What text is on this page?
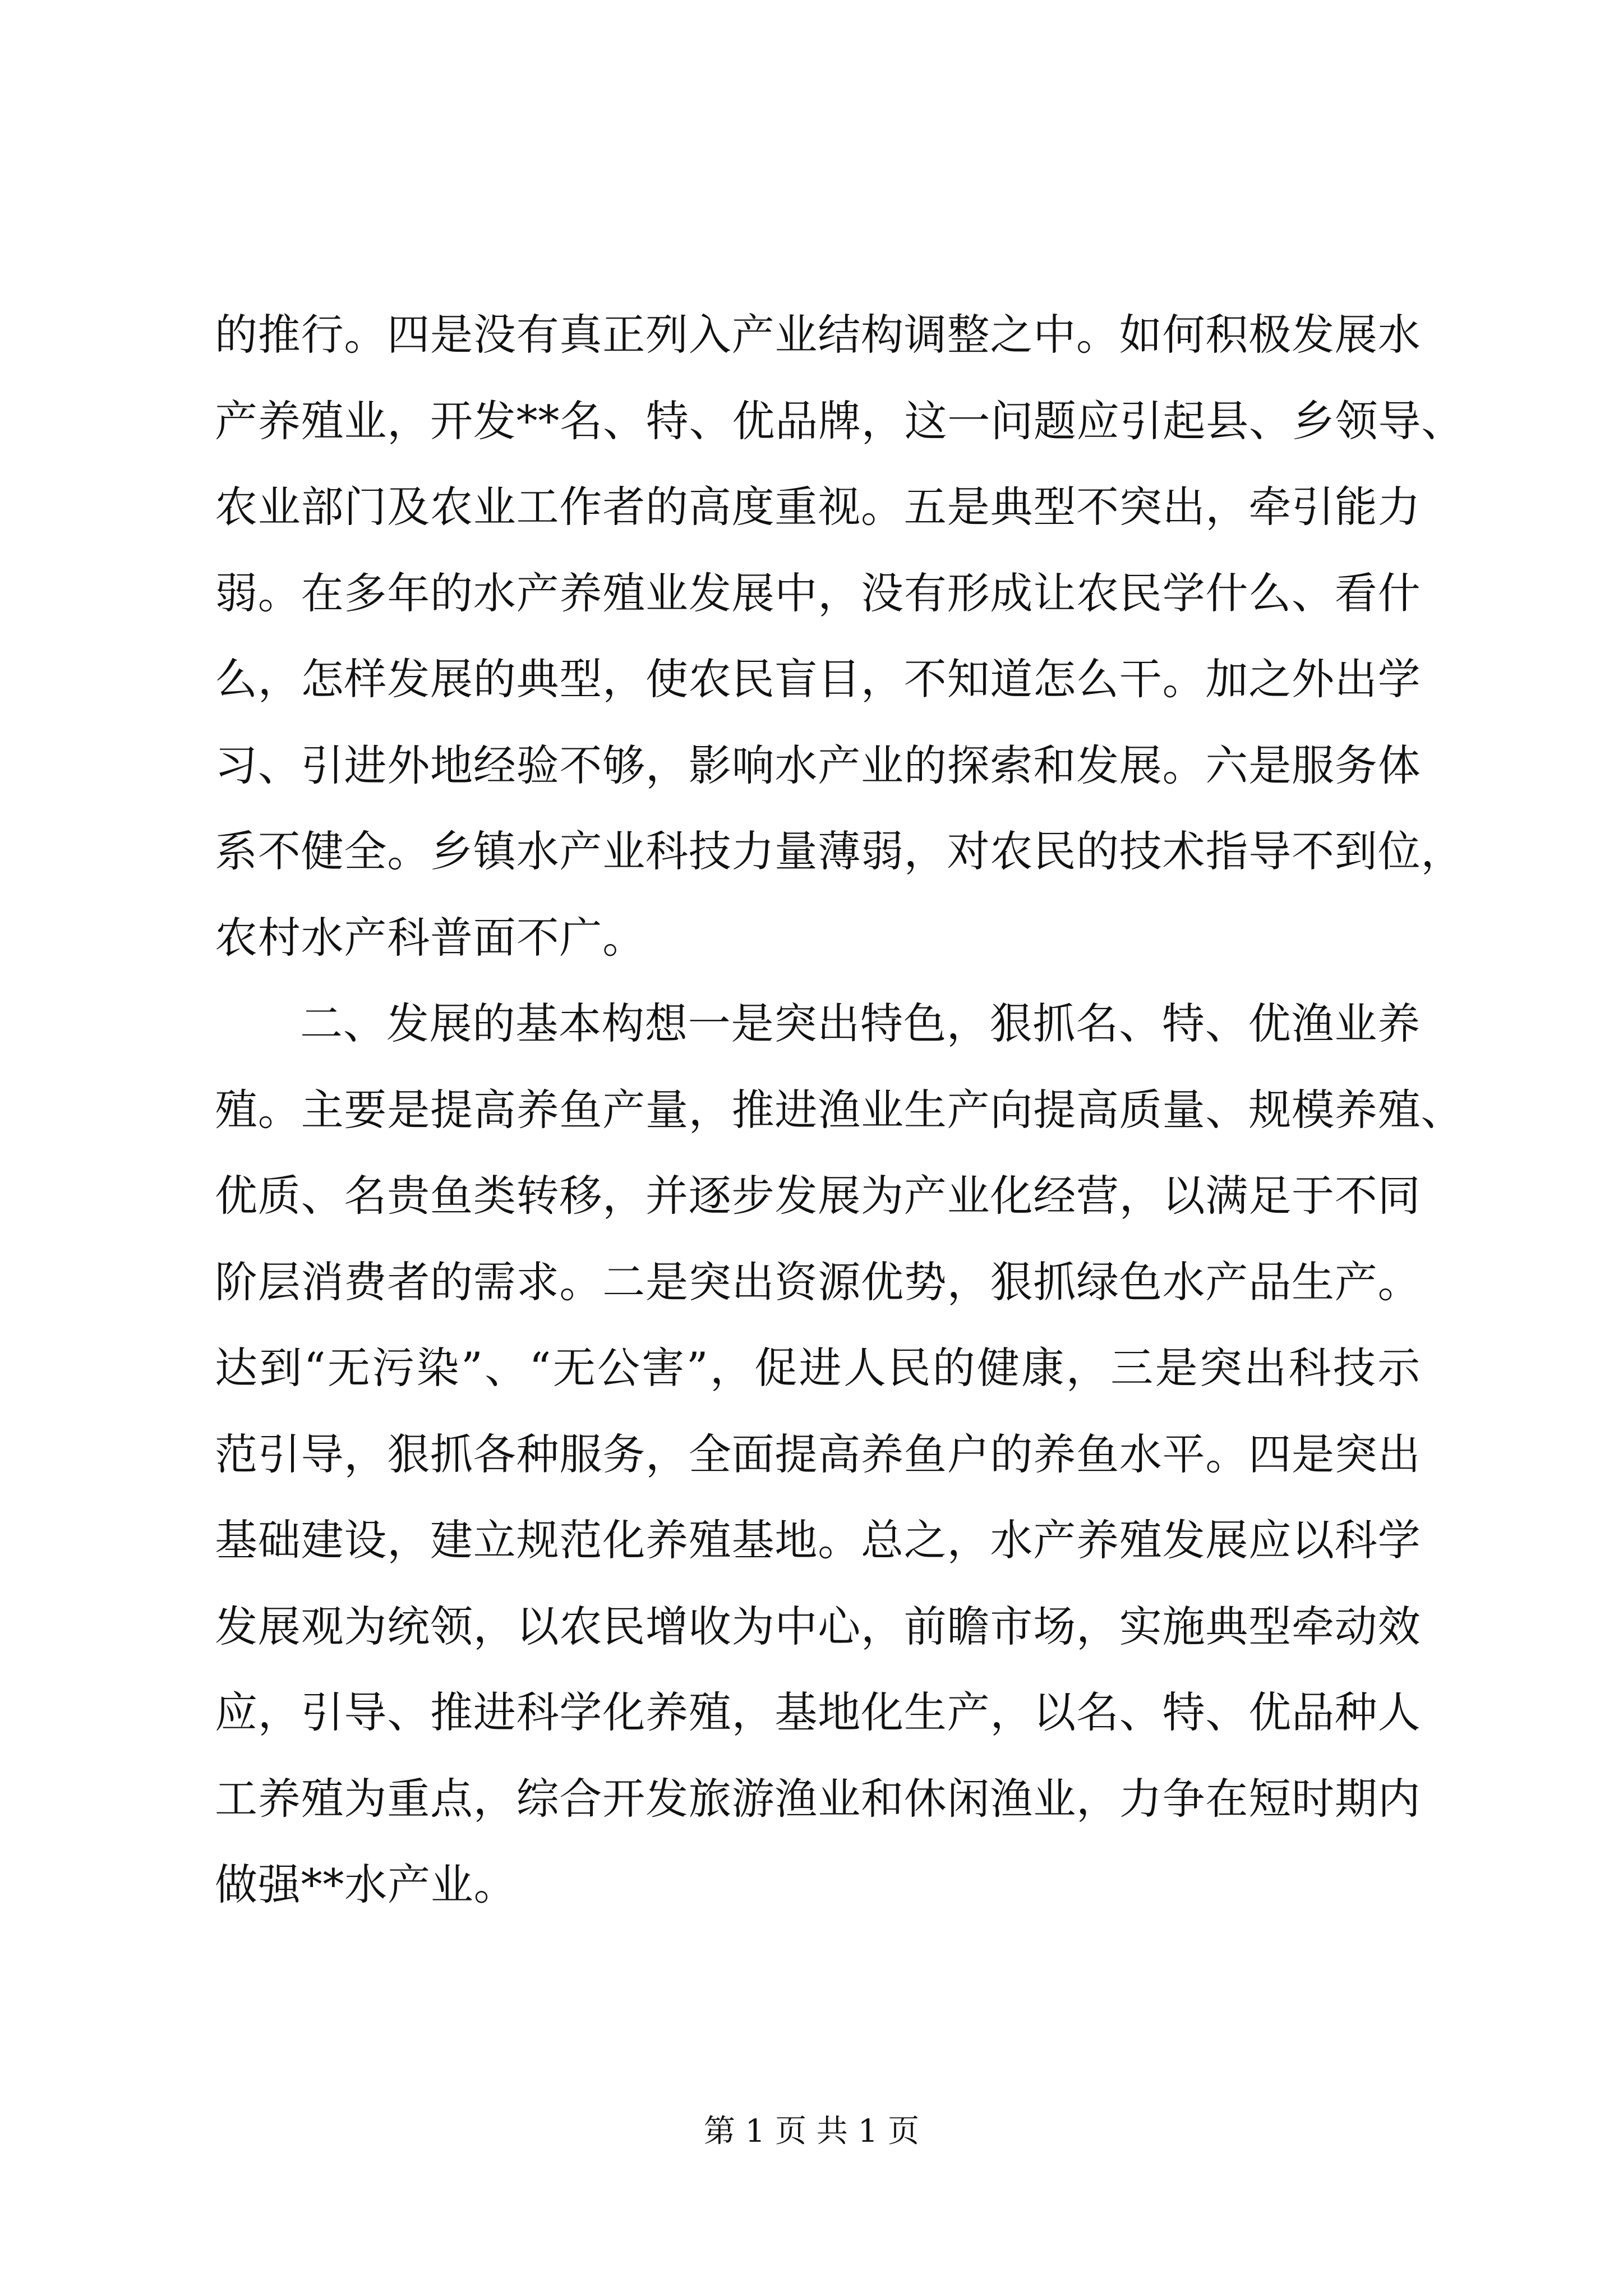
的推行。四是没有真正列入产业结构调整之中。如何积极发展水
产养殖业，开发**名、特、优品牌，这一问题应引起县、乡领导、
农业部门及农业工作者的高度重视。五是典型不突出，牵引能力
弱。在多年的水产养殖业发展中，没有形成让农民学什么、看什
么，怎样发展的典型，使农民盲目，不知道怎么干。加之外出学
习、引进外地经验不够，影响水产业的探索和发展。六是服务体
系不健全。乡镇水产业科技力量薄弱，对农民的技术指导不到位，
农村水产科普面不广。
二、发展的基本构想一是突出特色，狠抓名、特、优渔业养
殖。主要是提高养鱼产量，推进渔业生产向提高质量、规模养殖、
优质、名贵鱼类转移，并逐步发展为产业化经营，以满足于不同
阶层消费者的需求。二是突出资源优势，狠抓绿色水产品生产。
达到“无污染”、“无公害”，促进人民的健康，三是突出科技示
范引导，狠抓各种服务，全面提高养鱼户的养鱼水平。四是突出
基础建设，建立规范化养殖基地。总之，水产养殖发展应以科学
发展观为统领，以农民增收为中心，前瞻市场，实施典型牵动效
应，引导、推进科学化养殖，基地化生产，以名、特、优品种人
工养殖为重点，综合开发旅游渔业和休闲渔业，力争在短时期内
做强**水产业。
第 1 页 共 1 页
